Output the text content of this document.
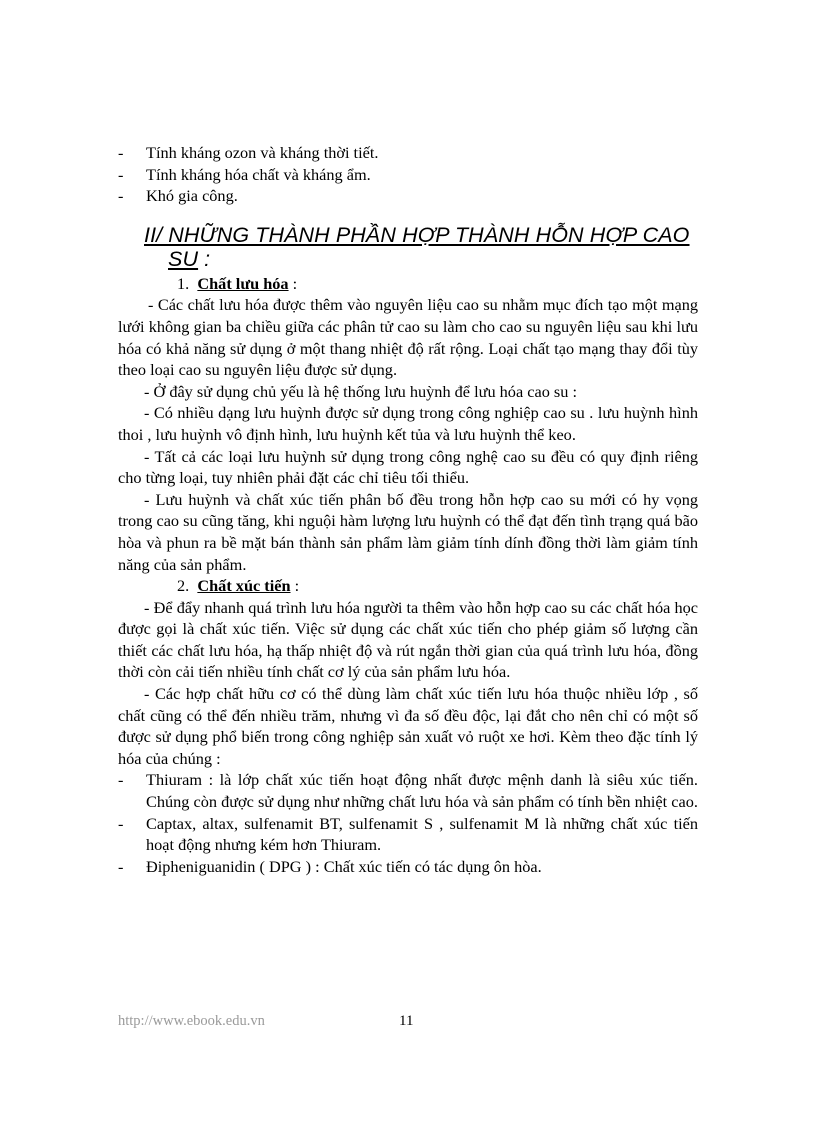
- Tính kháng ozon và kháng thời tiết.
- Tính kháng hóa chất và kháng ẩm.
- Khó gia công.
II/ NHỮNG THÀNH PHẦN HỢP THÀNH HỖN HỢP CAO
SU :
1. Chất lưu hóa :

- Các chất lưu hóa được thêm vào nguyên liệu cao su nhằm mục đích tạo một mạng lưới không gian ba chiều giữa các phân tử cao su làm cho cao su nguyên liệu sau khi lưu hóa có khả năng sử dụng ở một thang nhiệt độ rất rộng. Loại chất tạo mạng thay đổi tùy theo loại cao su nguyên liệu được sử dụng.

- Ở đây sử dụng chủ yếu là hệ thống lưu huỳnh để lưu hóa cao su :

- Có nhiều dạng lưu huỳnh được sử dụng trong công nghiệp cao su . lưu huỳnh hình thoi , lưu huỳnh vô định hình, lưu huỳnh kết tủa và lưu huỳnh thể keo.

- Tất cả các loại lưu huỳnh sử dụng trong công nghệ cao su đều có quy định riêng cho từng loại, tuy nhiên phải đặt các chỉ tiêu tối thiểu.

- Lưu huỳnh và chất xúc tiến phân bố đều trong hỗn hợp cao su mới có hy vọng trong cao su cũng tăng, khi nguội hàm lượng lưu huỳnh có thể đạt đến tình trạng quá bão hòa và phun ra bề mặt bán thành sản phẩm làm giảm tính dính đồng thời làm giảm tính năng của sản phẩm.

2. Chất xúc tiến :

- Để đẩy nhanh quá trình lưu hóa người ta thêm vào hỗn hợp cao su các chất hóa học được gọi là chất xúc tiến. Việc sử dụng các chất xúc tiến cho phép giảm số lượng cần thiết các chất lưu hóa, hạ thấp nhiệt độ và rút ngắn thời gian của quá trình lưu hóa, đồng thời còn cải tiến nhiều tính chất cơ lý của sản phẩm lưu hóa.

- Các hợp chất hữu cơ có thể dùng làm chất xúc tiến lưu hóa thuộc nhiều lớp , số chất cũng có thể đến nhiều trăm, nhưng vì đa số đều độc, lại đắt cho nên chỉ có một số được sử dụng phổ biến trong công nghiệp sản xuất vỏ ruột xe hơi. Kèm theo đặc tính lý hóa của chúng :

- Thiuram : là lớp chất xúc tiến hoạt động nhất được mệnh danh là siêu xúc tiến. Chúng còn được sử dụng như những chất lưu hóa và sản phẩm có tính bền nhiệt cao.
- Captax, altax, sulfenamit BT, sulfenamit S , sulfenamit M là những chất xúc tiến hoạt động nhưng kém hơn Thiuram.
- Đipheniguanidin ( DPG ) : Chất xúc tiến có tác dụng ôn hòa.
http://www.ebook.edu.vn	11
